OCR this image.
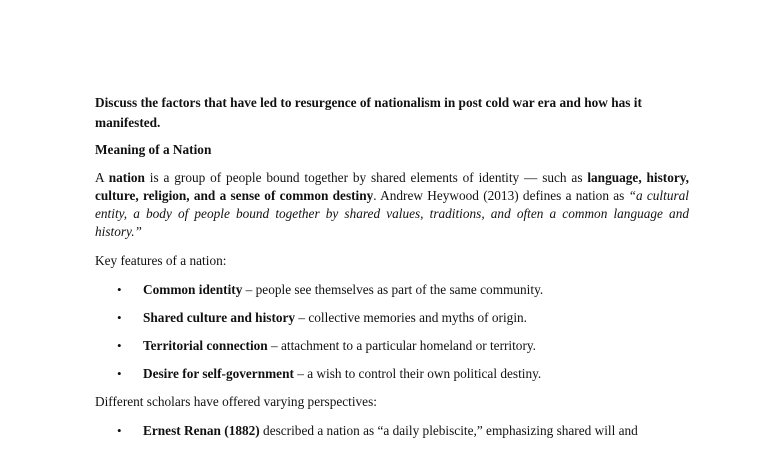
Discuss the factors that have led to resurgence of nationalism in post cold war era and how has it manifested.

Meaning of a Nation

A nation is a group of people bound together by shared elements of identity — such as language, history, culture, religion, and a sense of common destiny. Andrew Heywood (2013) defines a nation as “a cultural entity, a body of people bound together by shared values, traditions, and often a common language and history.”

Key features of a nation:

• Common identity – people see themselves as part of the same community.
• Shared culture and history – collective memories and myths of origin.
• Territorial connection – attachment to a particular homeland or territory.
• Desire for self-government – a wish to control their own political destiny.

Different scholars have offered varying perspectives:

• Ernest Renan (1882) described a nation as “a daily plebiscite,” emphasizing shared will and
